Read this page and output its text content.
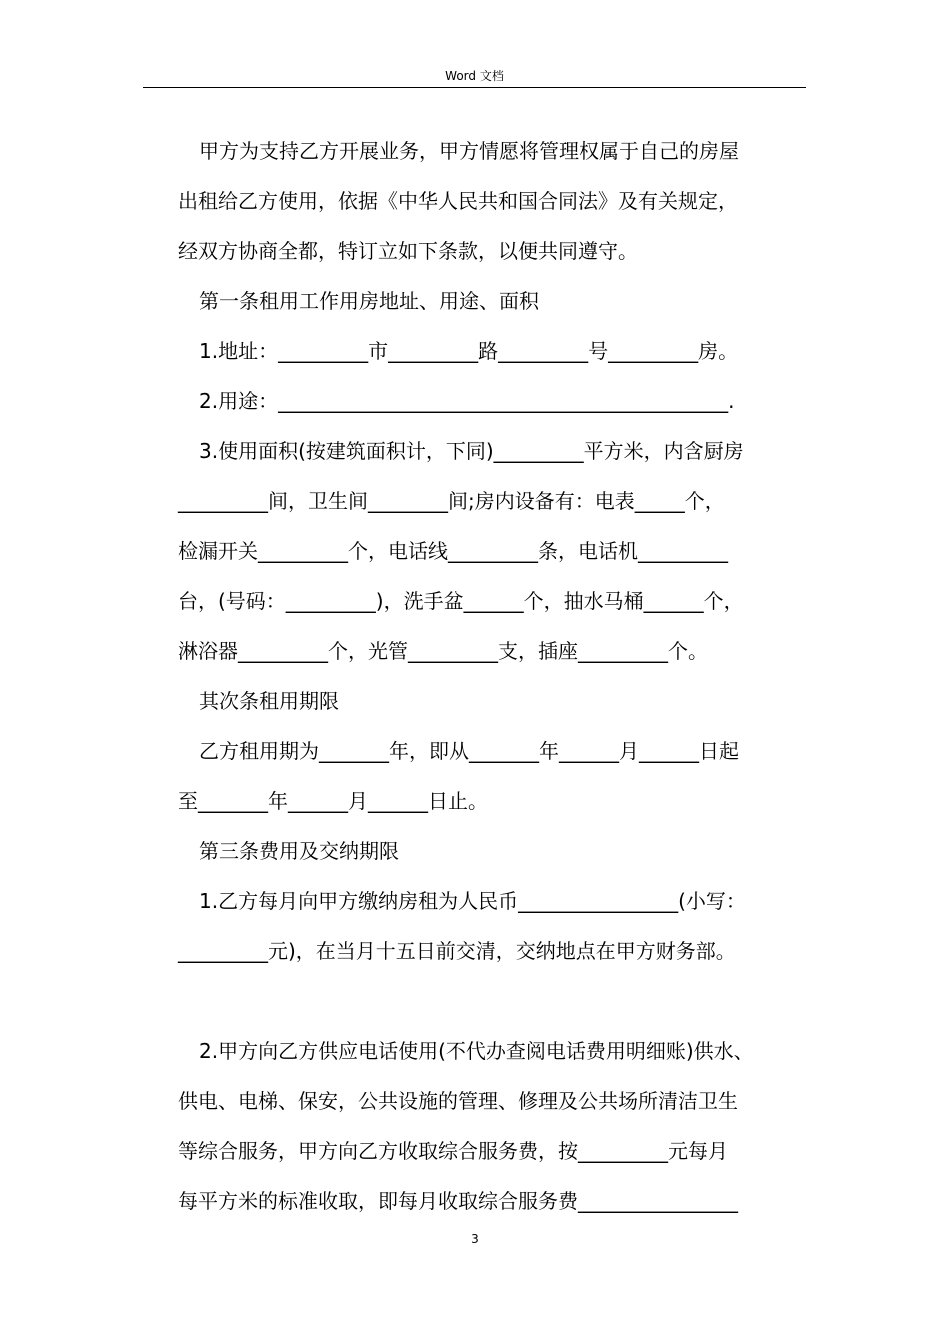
Word 文档
甲方为支持乙方开展业务，甲方情愿将管理权属于自己的房屋
出租给乙方使用，依据《中华人民共和国合同法》及有关规定，
经双方协商全都，特订立如下条款，以便共同遵守。
第一条租用工作用房地址、用途、面积
1.地址：_________市_________路_________号_________房。
2.用途：_____________________________________________.
3.使用面积(按建筑面积计，下同)_________平方米，内含厨房
_________间，卫生间________间;房内设备有：电表_____个，
检漏开关_________个，电话线_________条，电话机_________
台，(号码：_________)，洗手盆______个，抽水马桶______个，
淋浴器_________个，光管_________支，插座_________个。
其次条租用期限
乙方租用期为_______年，即从_______年______月______日起
至_______年______月______日止。
第三条费用及交纳期限
1.乙方每月向甲方缴纳房租为人民币________________(小写：
_________元)，在当月十五日前交清，交纳地点在甲方财务部。
2.甲方向乙方供应电话使用(不代办查阅电话费用明细账)供水、
供电、电梯、保安，公共设施的管理、修理及公共场所清洁卫生
等综合服务，甲方向乙方收取综合服务费，按_________元每月
每平方米的标准收取，即每月收取综合服务费________________
3
